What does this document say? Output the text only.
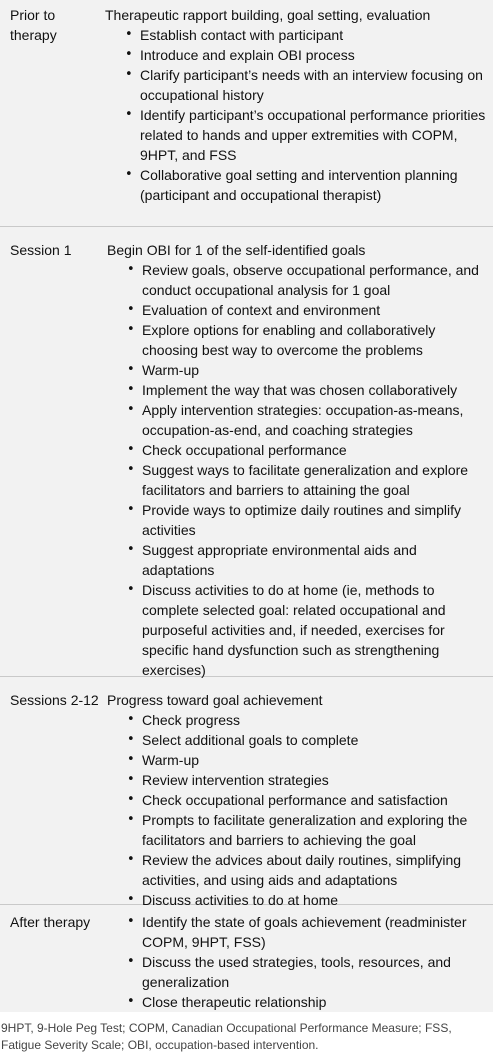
Prior to therapy
Therapeutic rapport building, goal setting, evaluation
• Establish contact with participant
• Introduce and explain OBI process
• Clarify participant’s needs with an interview focusing on occupational history
• Identify participant’s occupational performance priorities related to hands and upper extremities with COPM, 9HPT, and FSS
• Collaborative goal setting and intervention planning (participant and occupational therapist)
Session 1	Begin OBI for 1 of the self-identified goals
• Review goals, observe occupational performance, and conduct occupational analysis for 1 goal
• Evaluation of context and environment
• Explore options for enabling and collaboratively choosing best way to overcome the problems
• Warm-up
• Implement the way that was chosen collaboratively
• Apply intervention strategies: occupation-as-means, occupation-as-end, and coaching strategies
• Check occupational performance
• Suggest ways to facilitate generalization and explore facilitators and barriers to attaining the goal
• Provide ways to optimize daily routines and simplify activities
• Suggest appropriate environmental aids and adaptations
• Discuss activities to do at home (ie, methods to complete selected goal: related occupational and purposeful activities and, if needed, exercises for specific hand dysfunction such as strengthening exercises)
Sessions 2-12 Progress toward goal achievement
• Check progress
• Select additional goals to complete
• Warm-up
• Review intervention strategies
• Check occupational performance and satisfaction
• Prompts to facilitate generalization and exploring the facilitators and barriers to achieving the goal
• Review the advices about daily routines, simplifying activities, and using aids and adaptations
• Discuss activities to do at home
After therapy
•	Identify the state of goals achievement (readminister COPM, 9HPT, FSS)
• Discuss the used strategies, tools, resources, and generalization
• Close therapeutic relationship
9HPT, 9-Hole Peg Test; COPM, Canadian Occupational Performance Measure; FSS, Fatigue Severity Scale; OBI, occupation-based intervention.
